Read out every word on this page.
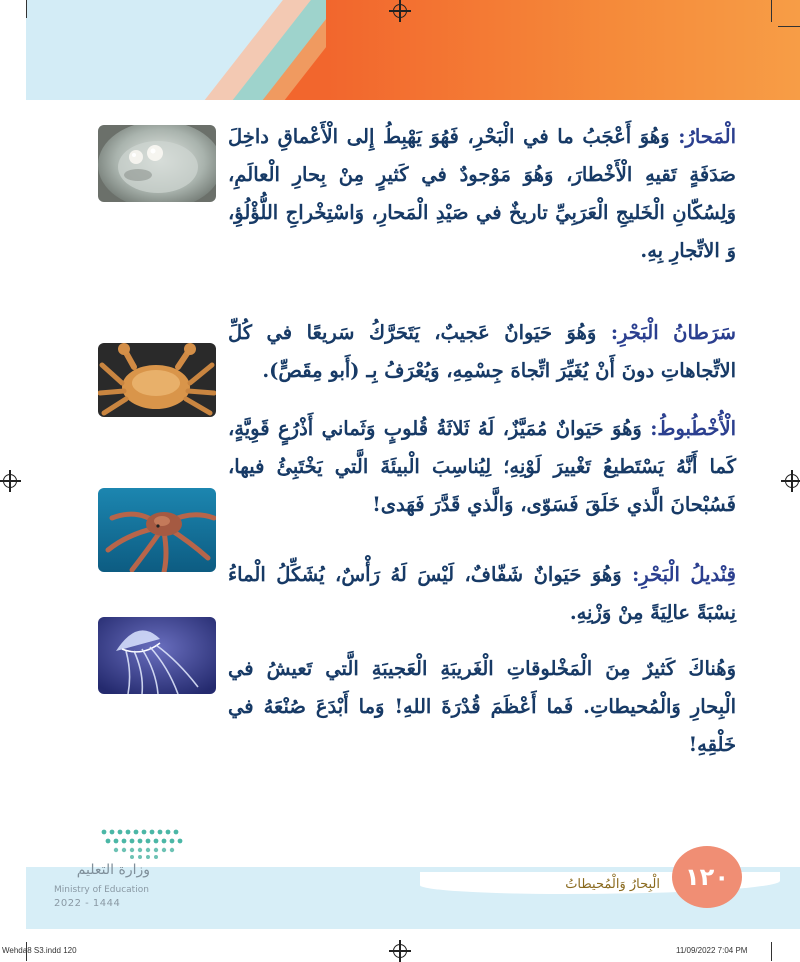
الْمَحارُ: وَهُوَ أَعْجَبُ ما في الْبَحْرِ، فَهُوَ يَهْبِطُ إِلى الْأَعْماقِ داخِلَ صَدَفَةٍ تَقيهِ الْأَخْطارَ، وَهُوَ مَوْجودٌ في كَثيرٍ مِنْ بِحارِ الْعالَمِ، وَلِسُكّانِ الْخَليجِ الْعَرَبِيِّ تاريخٌ في صَيْدِ الْمَحارِ، وَاسْتِخْراجِ اللُّؤْلُؤِ، وَ الاتِّجارِ بِهِ.
سَرَطانُ الْبَحْرِ: وَهُوَ حَيَوانٌ عَجيبٌ، يَتَحَرَّكُ سَريعًا في كُلِّ الاتِّجاهاتِ دونَ أَنْ يُغَيِّرَ اتِّجاهَ جِسْمِهِ، وَيُعْرَفُ بِـ (أَبو مِقَصٍّ).
الْأُخْطُبوطُ: وَهُوَ حَيَوانٌ مُمَيَّزٌ، لَهُ ثَلاثَةُ قُلوبٍ وَثَماني أَذْرُعٍ قَوِيَّةٍ، كَما أَنَّهُ يَسْتَطيعُ تَغْييرَ لَوْنِهِ؛ لِيُناسِبَ الْبيئَةَ الَّتي يَخْتَبِئُ فيها، فَسُبْحانَ الَّذي خَلَقَ فَسَوّى، وَالَّذي قَدَّرَ فَهَدى!
قِنْديلُ الْبَحْرِ: وَهُوَ حَيَوانٌ شَفّافٌ، لَيْسَ لَهُ رَأْسٌ، يُشَكِّلُ الْماءُ نِسْبَةً عالِيَةً مِنْ وَزْنِهِ.
وَهُناكَ كَثيرٌ مِنَ الْمَخْلوقاتِ الْغَريبَةِ الْعَجيبَةِ الَّتي تَعيشُ في الْبِحارِ وَالْمُحيطاتِ. فَما أَعْظَمَ قُدْرَةَ اللهِ! وَما أَبْدَعَ صُنْعَهُ في خَلْقِهِ!
١٢٠
الْبِحارُ وَالْمُحيطاتُ
وزارة التعليم
Ministry of Education
2022 - 1444
Wehda8 S3.indd 120	11/09/2022 7:04 PM
